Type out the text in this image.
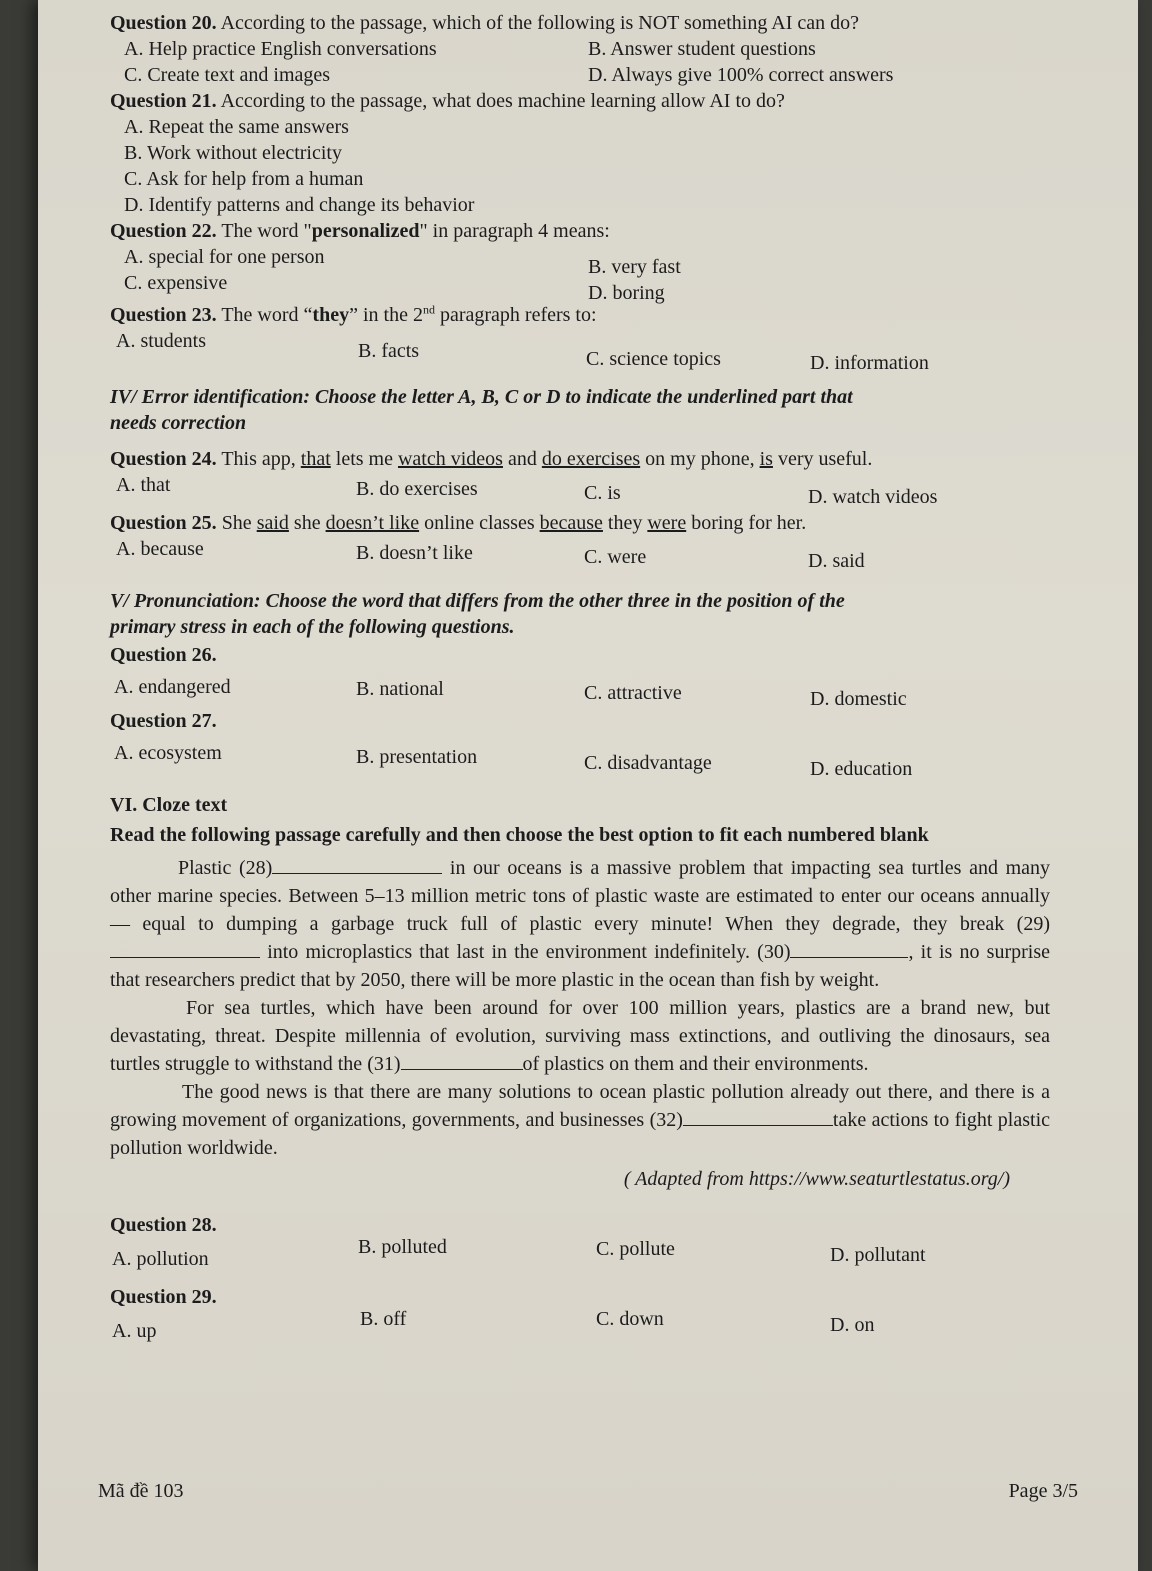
Question 20. According to the passage, which of the following is NOT something AI can do?
A. Help practice English conversations	B. Answer student questions
C. Create text and images	D. Always give 100% correct answers
Question 21. According to the passage, what does machine learning allow AI to do?
A. Repeat the same answers
B. Work without electricity
C. Ask for help from a human
D. Identify patterns and change its behavior
Question 22. The word "personalized" in paragraph 4 means:
A. special for one person	B. very fast
C. expensive	D. boring
Question 23. The word “they” in the 2nd paragraph refers to:
A. students	B. facts	C. science topics	D. information
IV/ Error identification: Choose the letter A, B, C or D to indicate the underlined part that
needs correction
Question 24. This app, that lets me watch videos and do exercises on my phone, is very useful.
A. that	B. do exercises	C. is	D. watch videos
Question 25. She said she doesn’t like online classes because they were boring for her.
A. because	B. doesn’t like	C. were	D. said
V/ Pronunciation: Choose the word that differs from the other three in the position of the
primary stress in each of the following questions.
Question 26.
A. endangered	B. national	C. attractive	D. domestic
Question 27.
A. ecosystem	B. presentation	C. disadvantage	D. education
VI. Cloze text
Read the following passage carefully and then choose the best option to fit each numbered blank
Plastic (28)	in our oceans is a massive problem that impacting sea turtles and many other marine species. Between 5–13 million metric tons of plastic waste are estimated to enter our oceans annually — equal to dumping a garbage truck full of plastic every minute! When they degrade, they break (29)  into microplastics that last in the environment indefinitely. (30)	, it is no surprise that researchers predict that by 2050, there will be more plastic in the ocean than fish by weight.
For sea turtles, which have been around for over 100 million years, plastics are a brand new, but devastating, threat. Despite millennia of evolution, surviving mass extinctions, and outliving the dinosaurs, sea turtles struggle to withstand the (31)	of plastics on them and their environments.
The good news is that there are many solutions to ocean plastic pollution already out there, and there is a growing movement of organizations, governments, and businesses (32)	take actions to fight plastic pollution worldwide.
( Adapted from https://www.seaturtlestatus.org/)
Question 28.
A. pollution
B. polluted	C. pollute	D. pollutant
Question 29.
A. up
B. off	C. down	D. on
Mã đề 103	Page 3/5
